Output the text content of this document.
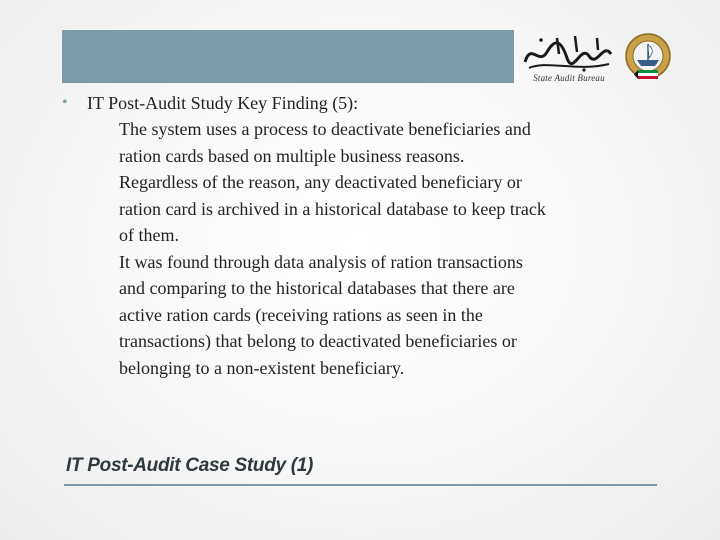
State Audit Bureau
• IT Post-Audit Study Key Finding (5):
The system uses a process to deactivate beneficiaries and
ration cards based on multiple business reasons.
Regardless of the reason, any deactivated beneficiary or
ration card is archived in a historical database to keep track
of them.
It was found through data analysis of ration transactions
and comparing to the historical databases that there are
active ration cards (receiving rations as seen in the
transactions) that belong to deactivated beneficiaries or
belonging to a non-existent beneficiary.
IT Post-Audit Case Study (1)
